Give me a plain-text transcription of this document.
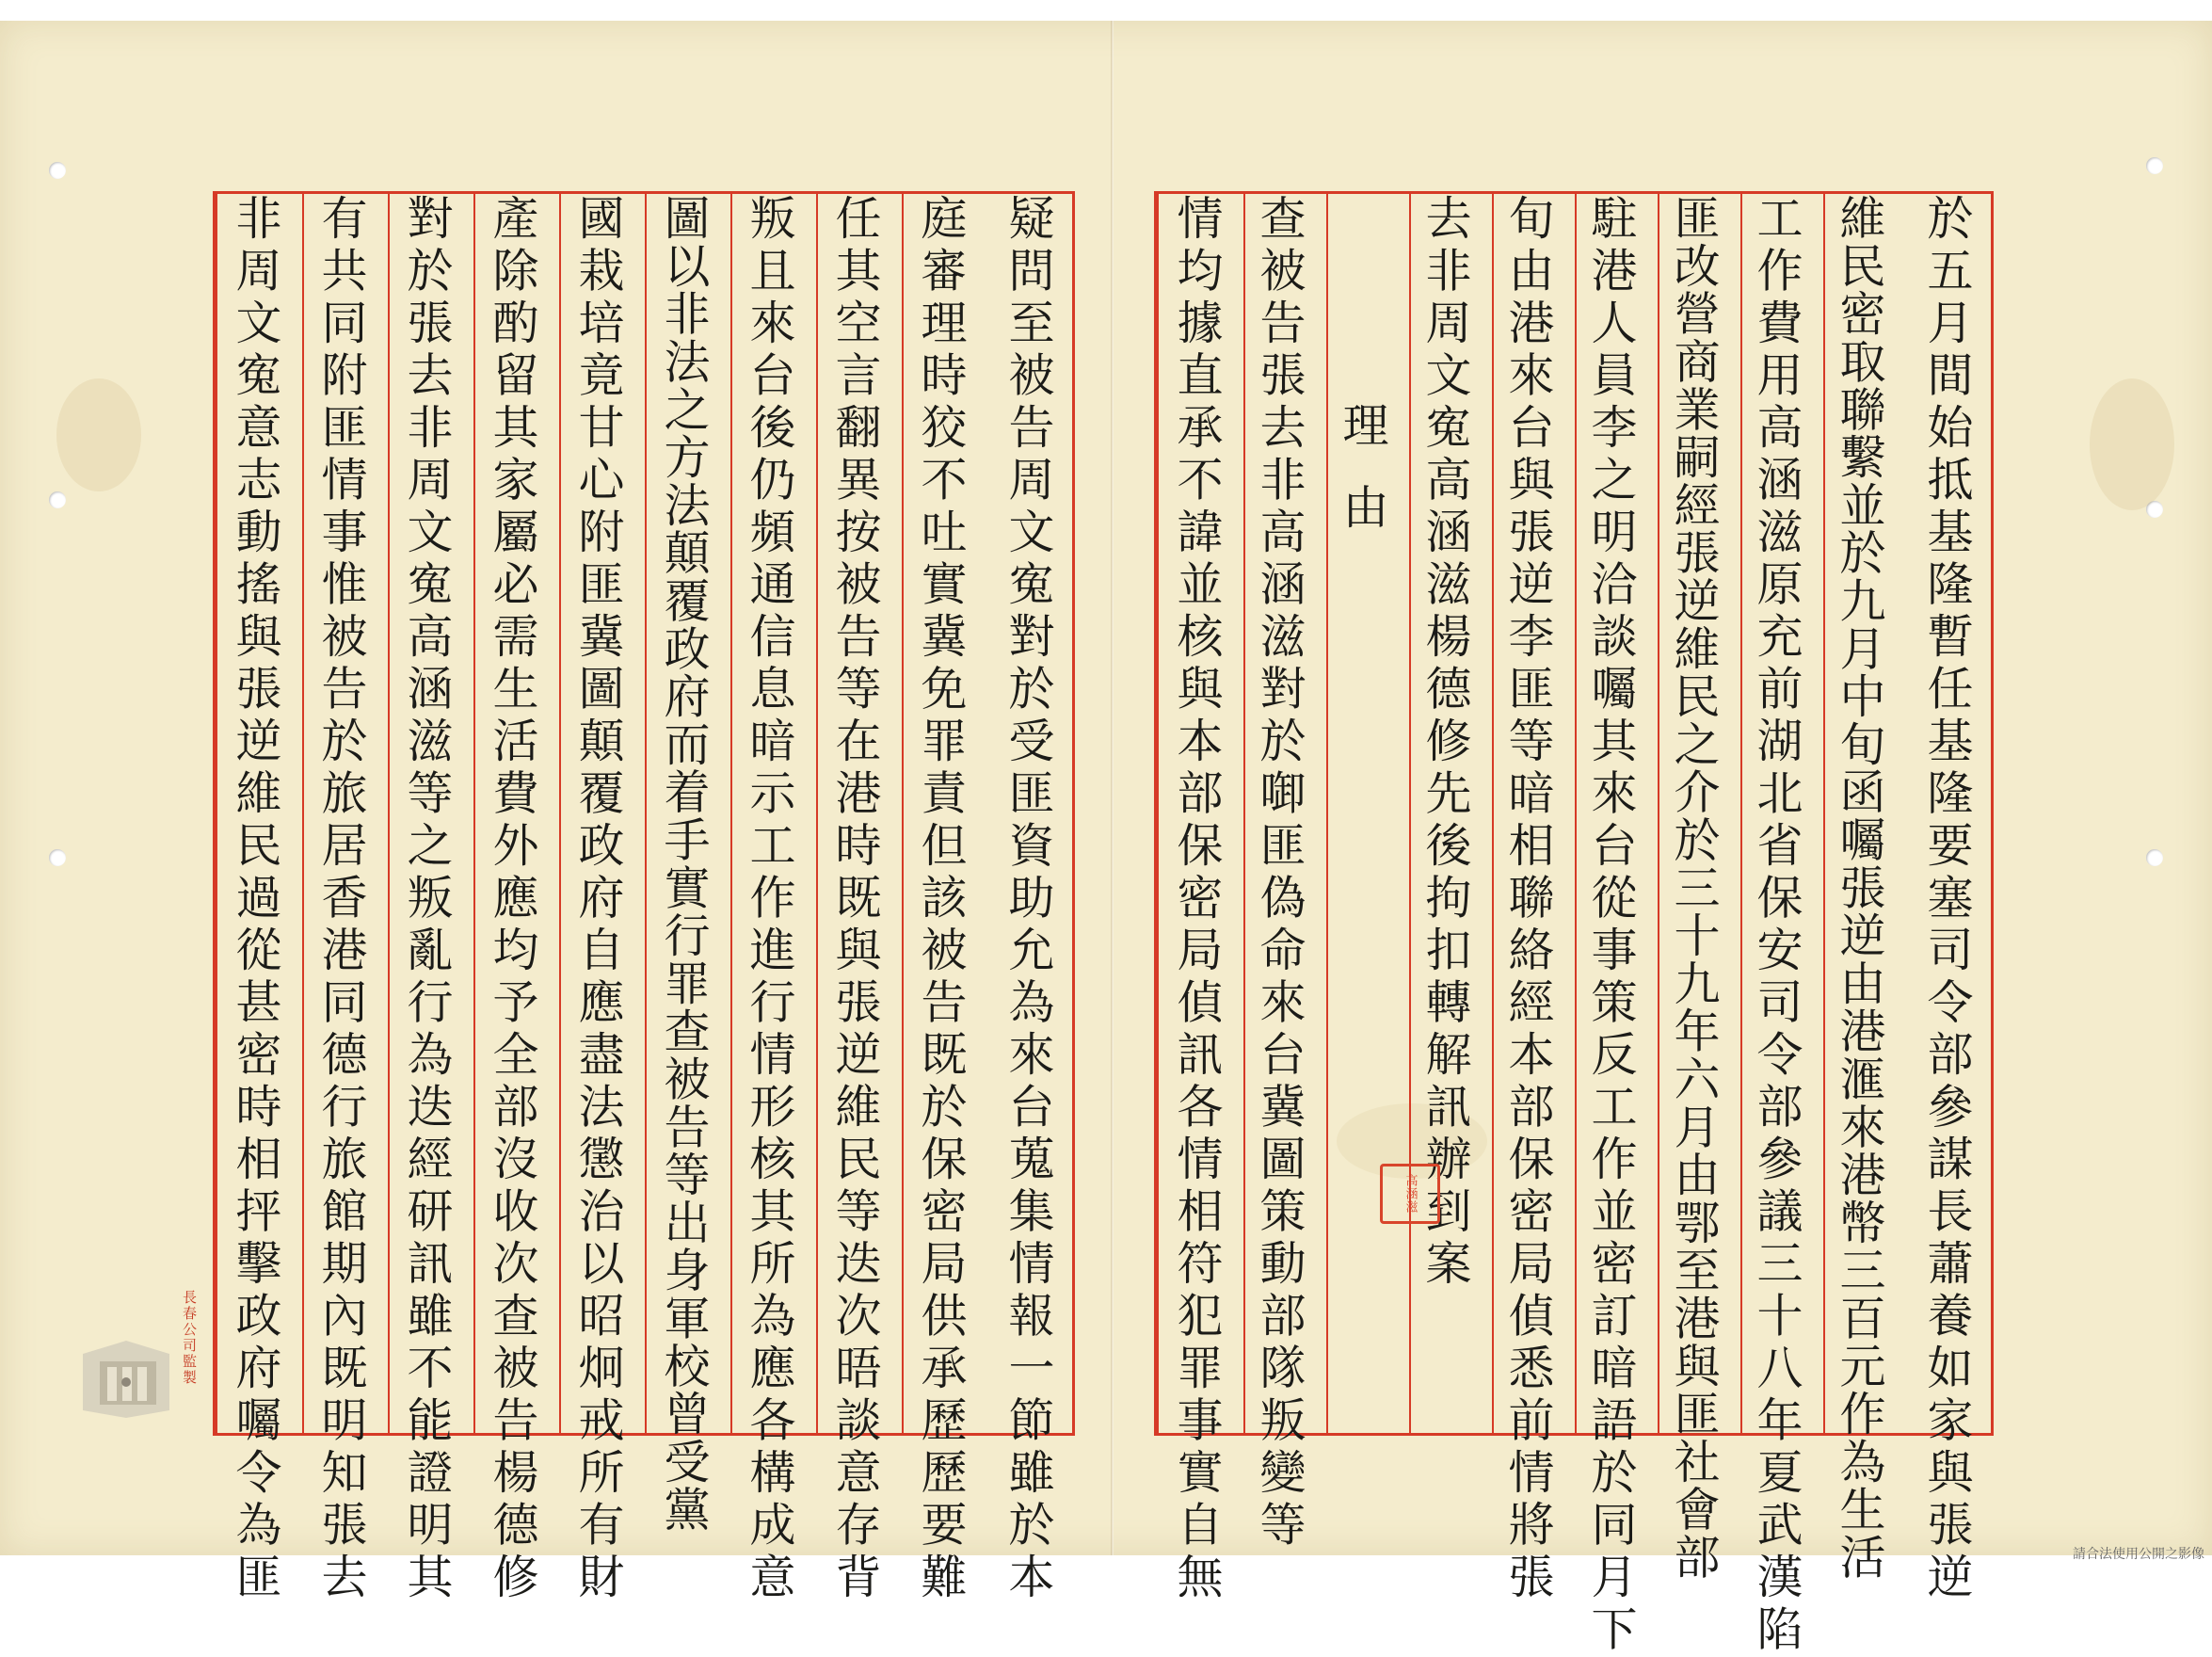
於五月間始抵基隆暫任基隆要塞司令部參謀長蕭養如家與張逆
維民密取聯繫並於九月中旬函囑張逆由港滙來港幣三百元作為生活
工作費用高涵滋原充前湖北省保安司令部參議三十八年夏武漢陷
匪改營商業嗣經張逆維民之介於三十九年六月由鄂至港與匪社會部
駐港人員李之明洽談囑其來台從事策反工作並密訂暗語於同月下
旬由港來台與張逆李匪等暗相聯絡經本部保密局偵悉前情將張
去非周文寃高涵滋楊德修先後拘扣轉解訊辦到案
理由
查被告張去非高涵滋對於啣匪偽命來台冀圖策動部隊叛變等
情均據直承不諱並核與本部保密局偵訊各情相符犯罪事實自無
疑問至被告周文寃對於受匪資助允為來台蒐集情報一節雖於本
庭審理時狡不吐實冀免罪責但該被告既於保密局供承歷歷要難
任其空言翻異按被告等在港時既與張逆維民等迭次晤談意存背
叛且來台後仍頻通信息暗示工作進行情形核其所為應各構成意
圖以非法之方法顛覆政府而着手實行罪查被告等出身軍校曾受黨
國栽培竟甘心附匪冀圖顛覆政府自應盡法懲治以昭炯戒所有財
產除酌留其家屬必需生活費外應均予全部沒收次查被告楊德修
對於張去非周文寃高涵滋等之叛亂行為迭經研訊雖不能證明其
有共同附匪情事惟被告於旅居香港同德行旅館期內既明知張去
非周文寃意志動搖與張逆維民過從甚密時相抨擊政府囑令為匪	高涵滋
長春公司監製
請合法使用公開之影像
